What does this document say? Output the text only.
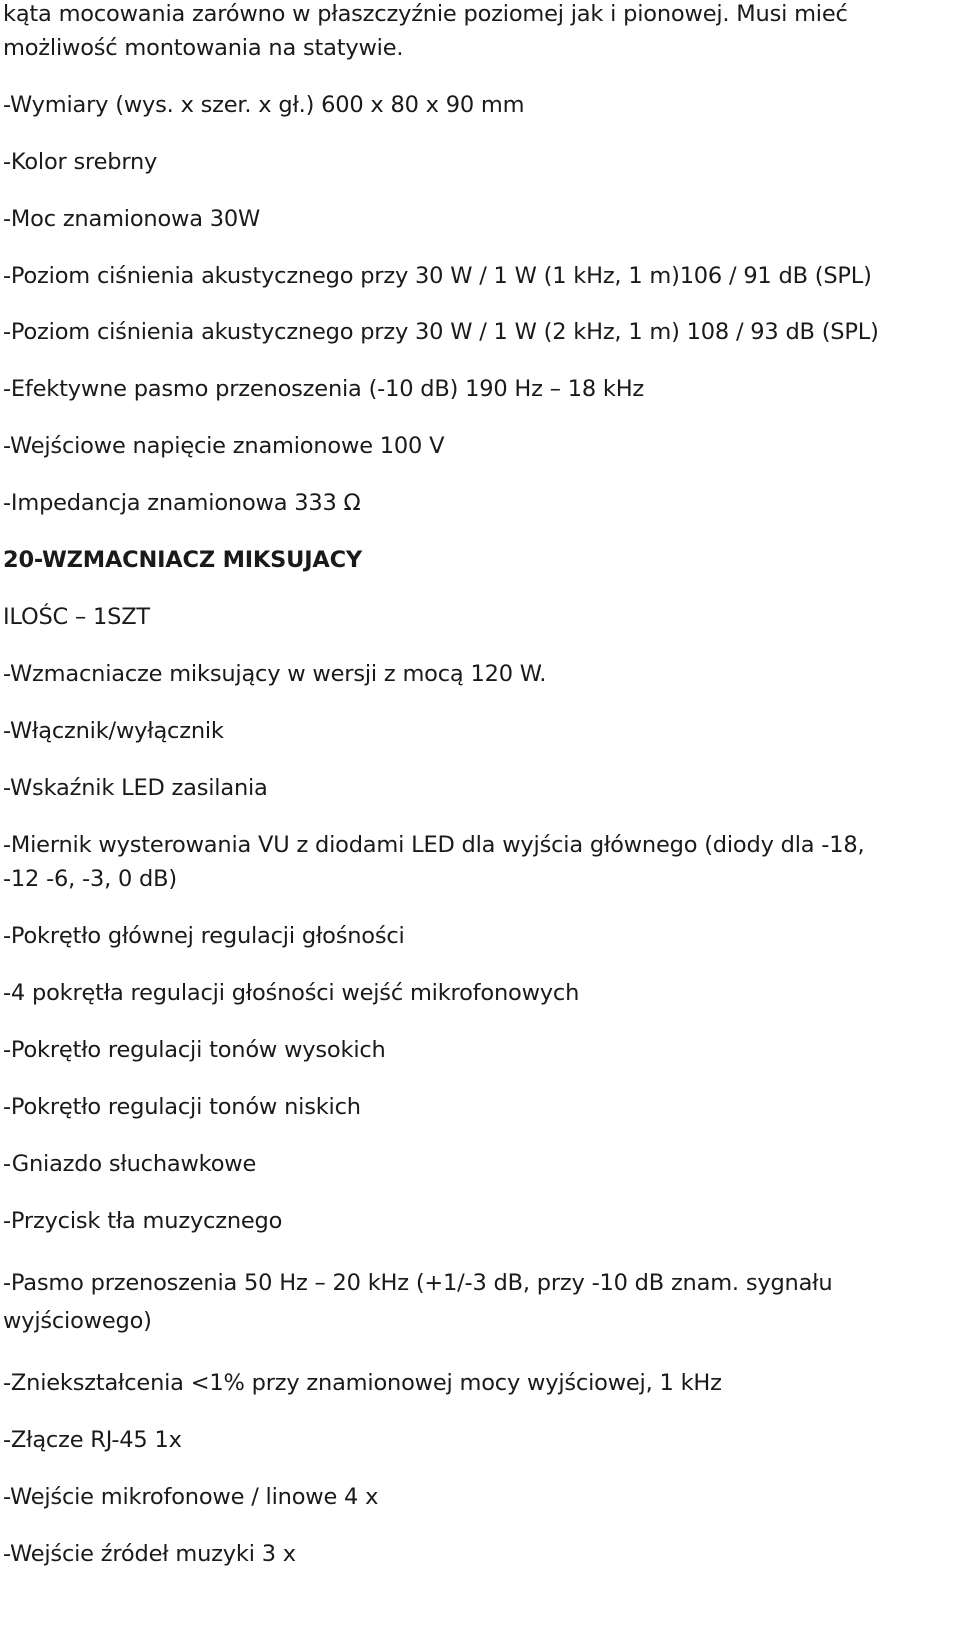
kąta mocowania zarówno w płaszczyźnie poziomej jak i pionowej. Musi mieć
możliwość montowania na statywie.
-Wymiary (wys. x szer. x gł.) 600 x 80 x 90 mm
-Kolor srebrny
-Moc znamionowa 30W
-Poziom ciśnienia akustycznego przy 30 W / 1 W (1 kHz, 1 m)106 / 91 dB (SPL)
-Poziom ciśnienia akustycznego przy 30 W / 1 W (2 kHz, 1 m) 108 / 93 dB (SPL)
-Efektywne pasmo przenoszenia (-10 dB) 190 Hz – 18 kHz
-Wejściowe napięcie znamionowe 100 V
-Impedancja znamionowa 333 Ω
20-WZMACNIACZ MIKSUJACY
ILOŚC – 1SZT
-Wzmacniacze miksujący w wersji z mocą 120 W.
-Włącznik/wyłącznik
-Wskaźnik LED zasilania
-Miernik wysterowania VU z diodami LED dla wyjścia głównego (diody dla -18,
-12 -6, -3, 0 dB)
-Pokrętło głównej regulacji głośności
-4 pokrętła regulacji głośności wejść mikrofonowych
-Pokrętło regulacji tonów wysokich
-Pokrętło regulacji tonów niskich
-Gniazdo słuchawkowe
-Przycisk tła muzycznego
-Pasmo przenoszenia 50 Hz – 20 kHz (+1/-3 dB, przy -10 dB znam. sygnału
wyjściowego)
-Zniekształcenia <1% przy znamionowej mocy wyjściowej, 1 kHz
-Złącze RJ-45 1x
-Wejście mikrofonowe / linowe 4 x
-Wejście źródeł muzyki 3 x
